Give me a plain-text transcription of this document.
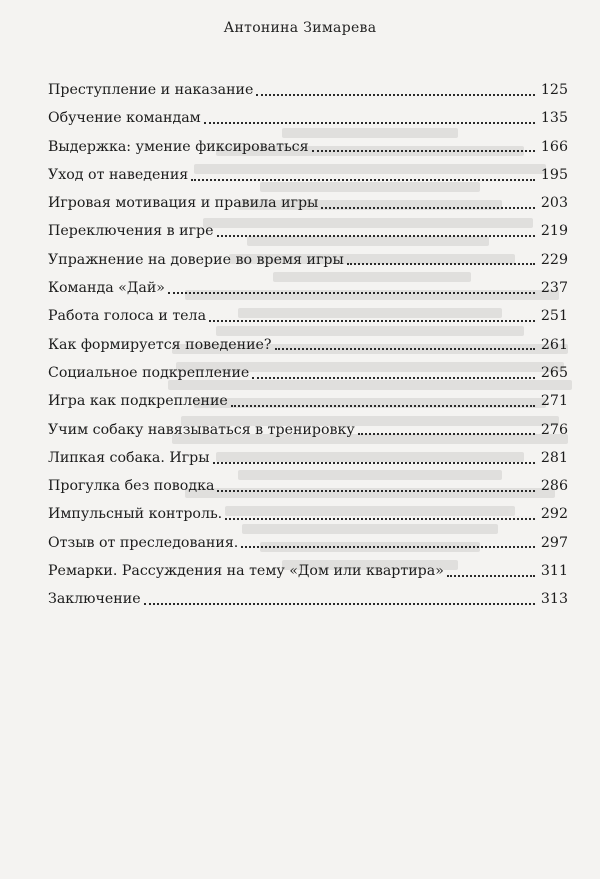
Антонина Зимарева
Преступление и наказание	125
Обучение командам	135
Выдержка: умение фиксироваться	166
Уход от наведения	195
Игровая мотивация и правила игры	203
Переключения в игре	219
Упражнение на доверие во время игры	229
Команда «Дай»	237
Работа голоса и тела	251
Как формируется поведение?	261
Социальное подкрепление	265
Игра как подкрепление	271
Учим собаку навязываться в тренировку	276
Липкая собака. Игры	281
Прогулка без поводка	286
Импульсный контроль.	292
Отзыв от преследования.	297
Ремарки. Рассуждения на тему «Дом или квартира»	311
Заключение	313
